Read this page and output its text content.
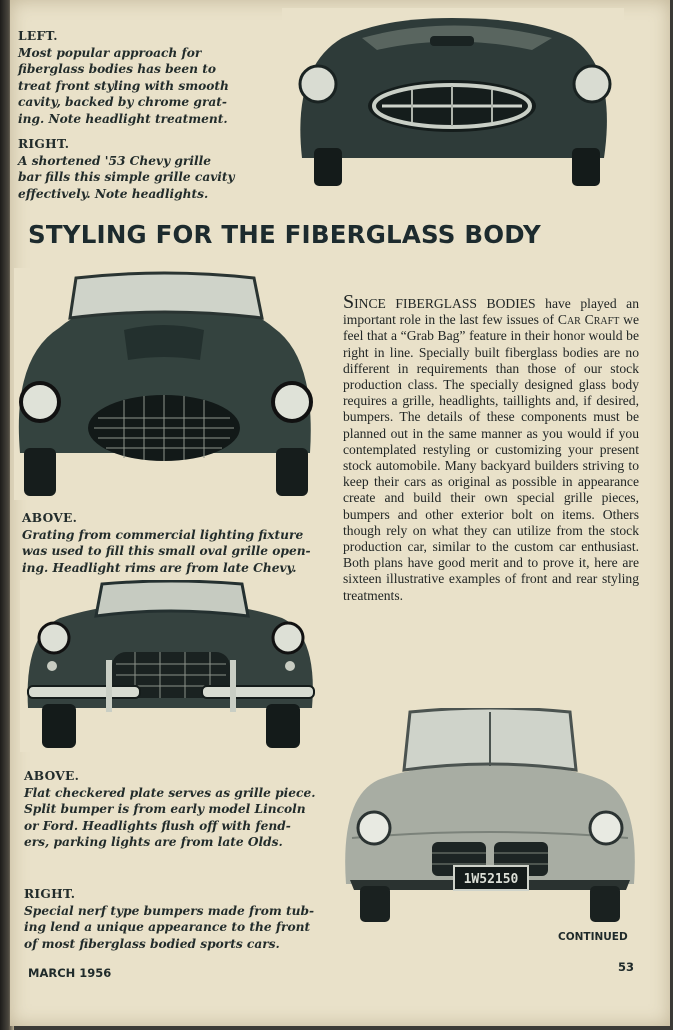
LEFT.
Most popular approach for
fiberglass bodies has been to
treat front styling with smooth
cavity, backed by chrome grat-
ing. Note headlight treatment.
RIGHT.
A shortened '53 Chevy grille
bar fills this simple grille cavity
effectively. Note headlights.
STYLING FOR THE FIBERGLASS BODY
SINCE FIBERGLASS BODIES have played an important role in the last few issues of Car Craft we feel that a “Grab Bag” feature in their honor would be right in line. Specially built fiberglass bodies are no different in requirements than those of our stock production class. The specially designed glass body requires a grille, headlights, taillights and, if desired, bumpers. The details of these components must be planned out in the same manner as you would if you contemplated restyling or customizing your present stock automobile. Many backyard builders striving to keep their cars as original as possible in appearance create and build their own special grille pieces, bumpers and other exterior bolt on items. Others though rely on what they can utilize from the stock production car, similar to the custom car enthusiast. Both plans have good merit and to prove it, here are sixteen illustrative examples of front and rear styling treatments.
ABOVE.
Grating from commercial lighting fixture
was used to fill this small oval grille open-
ing. Headlight rims are from late Chevy.
ABOVE.
Flat checkered plate serves as grille piece.
Split bumper is from early model Lincoln
or Ford. Headlights flush off with fend-
ers, parking lights are from late Olds.
1W52150
RIGHT.
Special nerf type bumpers made from tub-
ing lend a unique appearance to the front
of most fiberglass bodied sports cars.	CONTINUED
MARCH 1956	53
